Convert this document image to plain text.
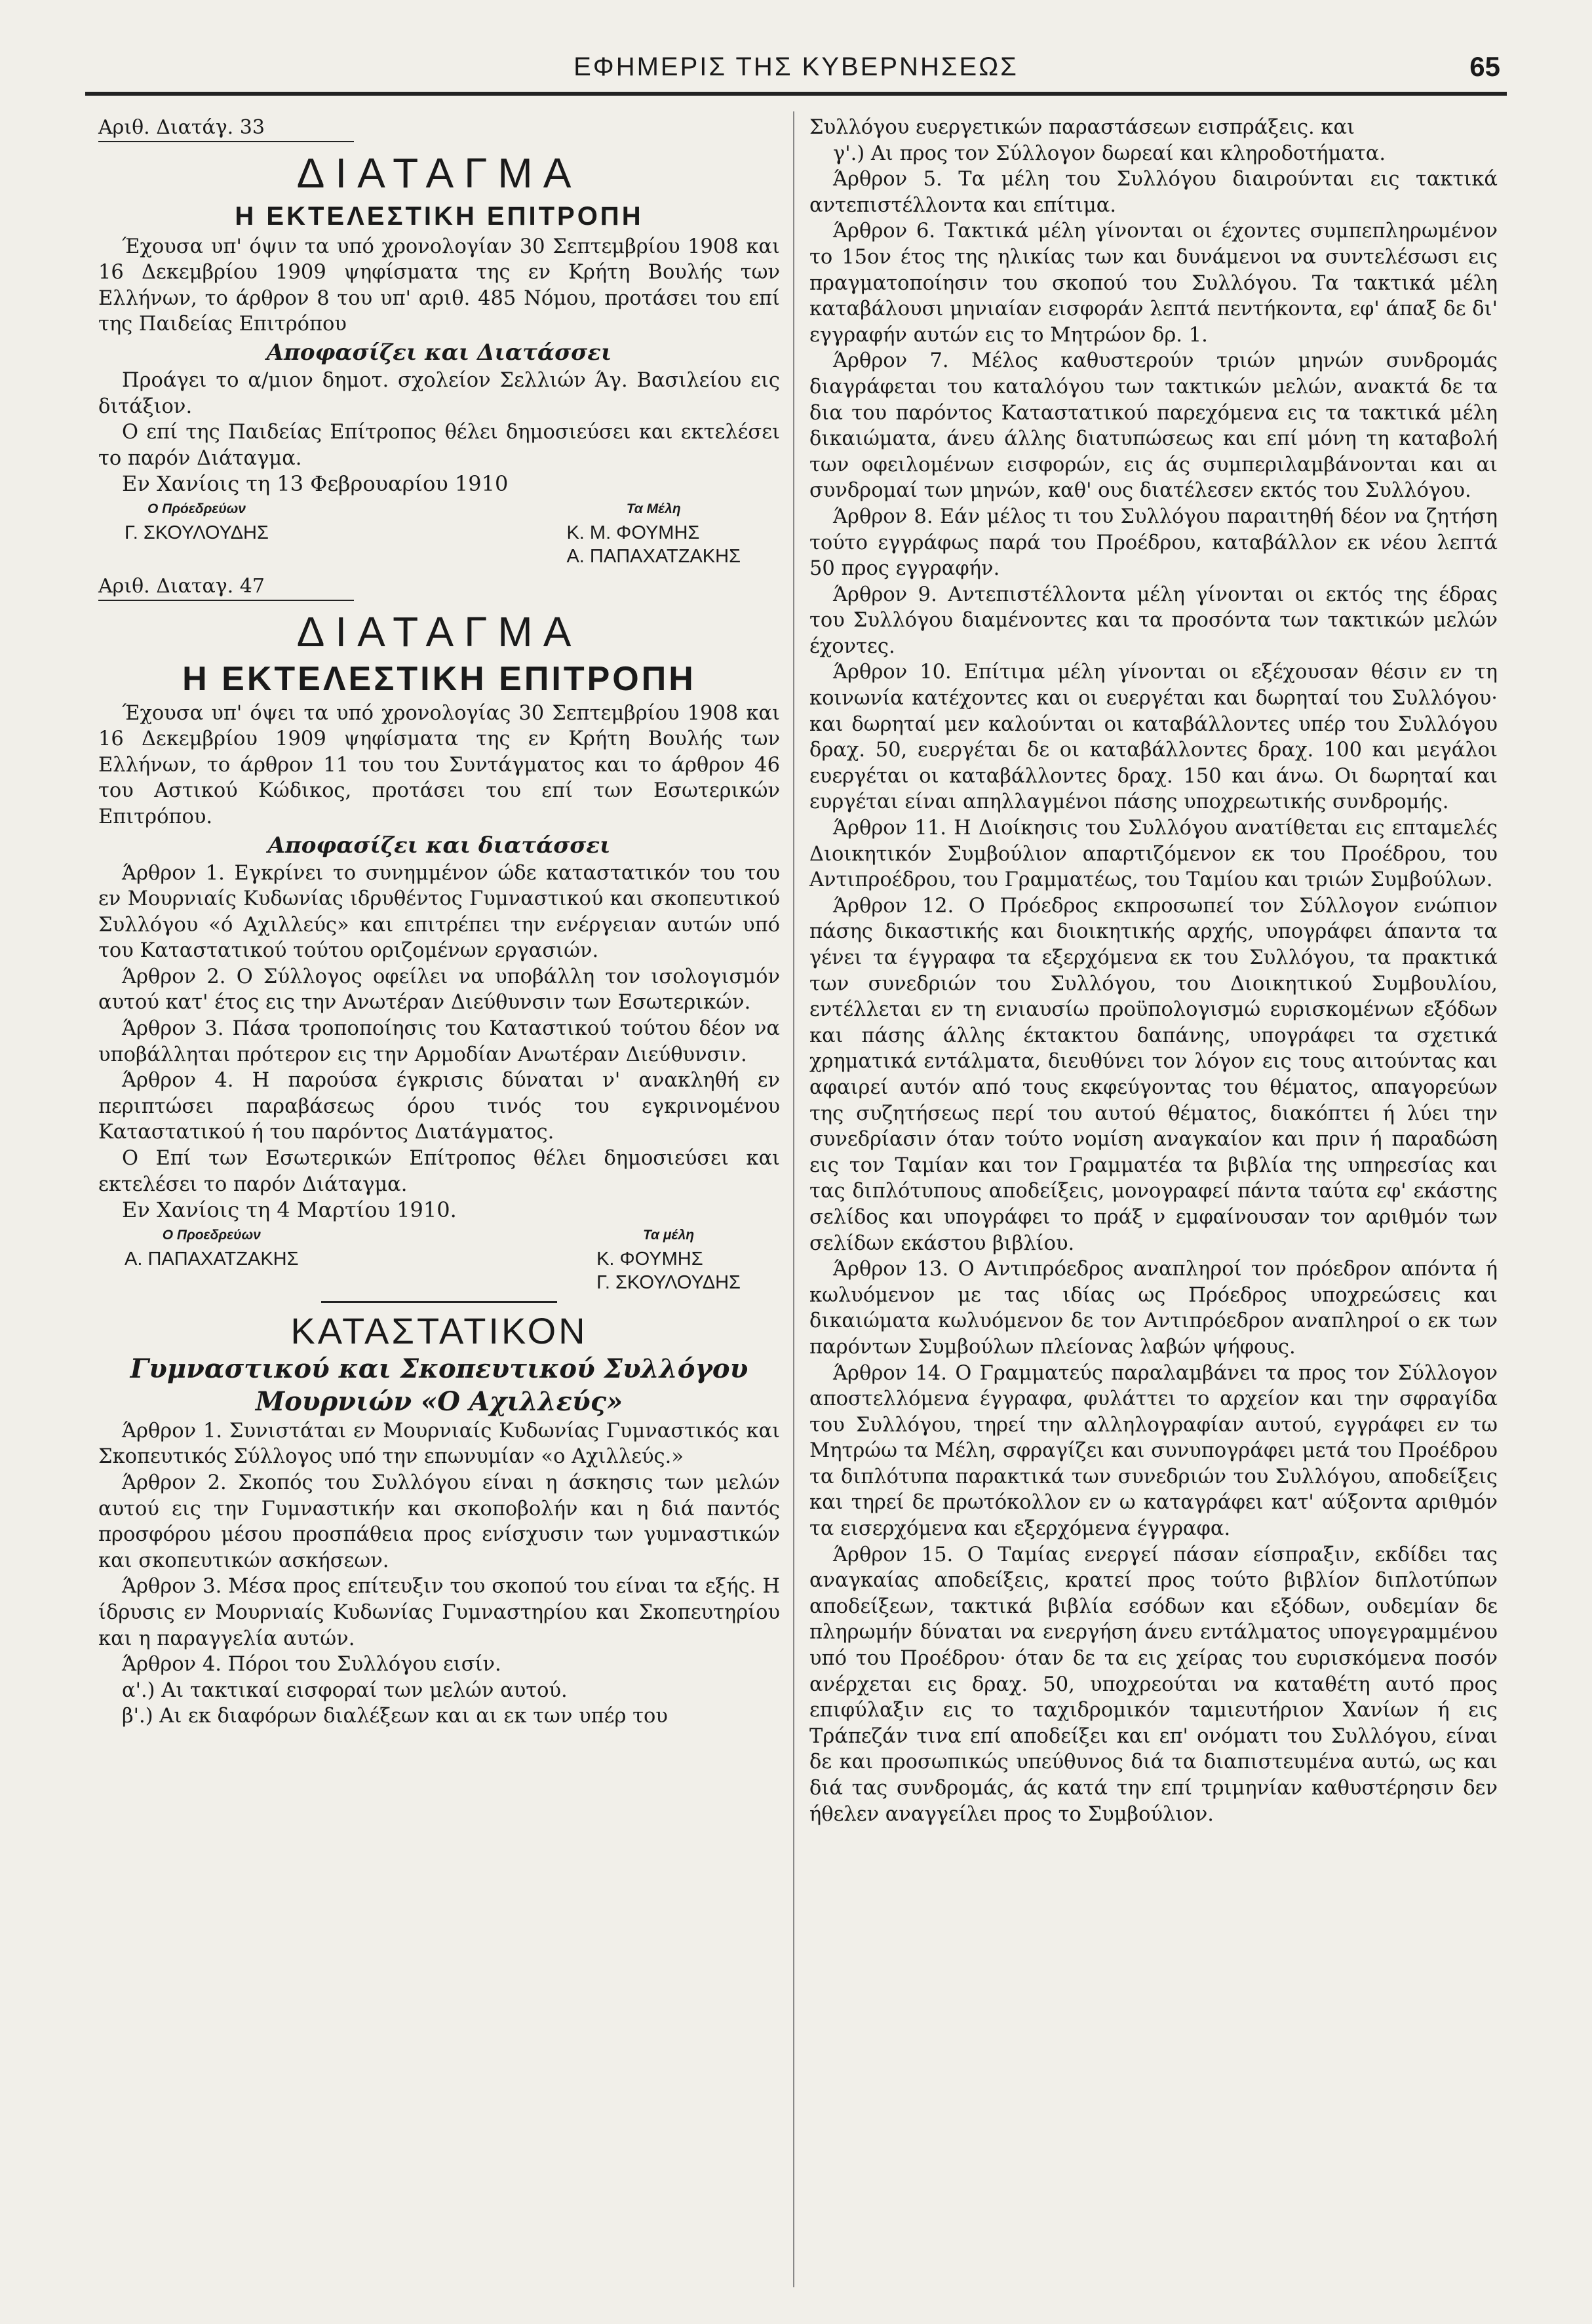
ΕΦΗΜΕΡΙΣ ΤΗΣ ΚΥΒΕΡΝΗΣΕΩΣ	65
Αριθ. Διατάγ. 33
ΔΙΑΤΑΓΜΑ
Η ΕΚΤΕΛΕΣΤΙΚΗ ΕΠΙΤΡΟΠΗ

Έχουσα υπ' όψιν τα υπό χρονολογίαν 30 Σεπτεμβρίου 1908 και 16 Δεκεμβρίου 1909 ψηφίσματα της εν Κρήτη Βουλής των Ελλήνων, το άρθρον 8 του υπ' αριθ. 485 Νόμου, προτάσει του επί της Παιδείας Επιτρόπου

Αποφασίζει και Διατάσσει

Προάγει το α/μιον δημοτ. σχολείον Σελλιών Άγ. Βασιλείου εις διτάξιον.

Ο επί της Παιδείας Επίτροπος θέλει δημοσιεύσει και εκτελέσει το παρόν Διάταγμα.

Εν Χανίοις τη 13 Φεβρουαρίου 1910

Ο Πρόεδρεύων
Γ. ΣΚΟΥΛΟΥΔΗΣ
Τα Μέλη
Κ. Μ. ΦΟΥΜΗΣ
Α. ΠΑΠΑΧΑΤΖΑΚΗΣ
Αριθ. Διαταγ. 47
ΔΙΑΤΑΓΜΑ
Η ΕΚΤΕΛΕΣΤΙΚΗ ΕΠΙΤΡΟΠΗ

Έχουσα υπ' όψει τα υπό χρονολογίας 30 Σεπτεμβρίου 1908 και 16 Δεκεμβρίου 1909 ψηφίσματα της εν Κρήτη Βουλής των Ελλήνων, το άρθρον 11 του του Συντάγματος και το άρθρον 46 του Αστικού Κώδικος, προτάσει του επί των Εσωτερικών Επιτρόπου.

Αποφασίζει και διατάσσει

Άρθρον 1. Εγκρίνει το συνημμένον ώδε καταστατικόν του του εν Μουρνιαίς Κυδωνίας ιδρυθέντος Γυμναστικού και σκοπευτικού Συλλόγου «ό Αχιλλεύς» και επιτρέπει την ενέργειαν αυτών υπό του Καταστατικού τούτου οριζομένων εργασιών.

Άρθρον 2. Ο Σύλλογος οφείλει να υποβάλλη τον ισολογισμόν αυτού κατ' έτος εις την Ανωτέραν Διεύθυνσιν των Εσωτερικών.

Άρθρον 3. Πάσα τροποποίησις του Καταστικού τούτου δέον να υποβάλληται πρότερον εις την Αρμοδίαν Ανωτέραν Διεύθυνσιν.

Άρθρον 4. Η παρούσα έγκρισις δύναται ν' ανακληθή εν περιπτώσει παραβάσεως όρου τινός του εγκρινομένου Καταστατικού ή του παρόντος Διατάγματος.

Ο Επί των Εσωτερικών Επίτροπος θέλει δημοσιεύσει και εκτελέσει το παρόν Διάταγμα.

Εν Χανίοις τη 4 Μαρτίου 1910.

Ο Προεδρεύων
Α. ΠΑΠΑΧΑΤΖΑΚΗΣ
Τα μέλη
Κ. ΦΟΥΜΗΣ
Γ. ΣΚΟΥΛΟΥΔΗΣ
ΚΑΤΑΣΤΑΤΙΚΟΝ
Γυμναστικού και Σκοπευτικού Συλλόγου
Μουρνιών «Ο Αχιλλεύς»

Άρθρον 1. Συνιστάται εν Μουρνιαίς Κυδωνίας Γυμναστικός και Σκοπευτικός Σύλλογος υπό την επωνυμίαν «ο Αχιλλεύς.»

Άρθρον 2. Σκοπός του Συλλόγου είναι η άσκησις των μελών αυτού εις την Γυμναστικήν και σκοποβολήν και η διά παντός προσφόρου μέσου προσπάθεια προς ενίσχυσιν των γυμναστικών και σκοπευτικών ασκήσεων.

Άρθρον 3. Μέσα προς επίτευξιν του σκοπού του είναι τα εξής. Η ίδρυσις εν Μουρνιαίς Κυδωνίας Γυμναστηρίου και Σκοπευτηρίου και η παραγγελία αυτών.

Άρθρον 4. Πόροι του Συλλόγου εισίν.

α'.) Αι τακτικαί εισφοραί των μελών αυτού.

β'.) Αι εκ διαφόρων διαλέξεων και αι εκ των υπέρ του

Συλλόγου ευεργετικών παραστάσεων εισπράξεις. και

γ'.) Αι προς τον Σύλλογον δωρεαί και κληροδοτήματα.

Άρθρον 5. Τα μέλη του Συλλόγου διαιρούνται εις τακτικά αντεπιστέλλοντα και επίτιμα.

Άρθρον 6. Τακτικά μέλη γίνονται οι έχοντες συμπεπληρωμένον το 15ον έτος της ηλικίας των και δυνάμενοι να συντελέσωσι εις πραγματοποίησιν του σκοπού του Συλλόγου. Τα τακτικά μέλη καταβάλουσι μηνιαίαν εισφοράν λεπτά πεντήκοντα, εφ' άπαξ δε δι' εγγραφήν αυτών εις το Μητρώον δρ. 1.

Άρθρον 7. Μέλος καθυστερούν τριών μηνών συνδρομάς διαγράφεται του καταλόγου των τακτικών μελών, ανακτά δε τα δια του παρόντος Καταστατικού παρεχόμενα εις τα τακτικά μέλη δικαιώματα, άνευ άλλης διατυπώσεως και επί μόνη τη καταβολή των οφειλομένων εισφορών, εις άς συμπεριλαμβάνονται και αι συνδρομαί των μηνών, καθ' ους διατέλεσεν εκτός του Συλλόγου.

Άρθρον 8. Εάν μέλος τι του Συλλόγου παραιτηθή δέον να ζητήση τούτο εγγράφως παρά του Προέδρου, καταβάλλον εκ νέου λεπτά 50 προς εγγραφήν.

Άρθρον 9. Αντεπιστέλλοντα μέλη γίνονται οι εκτός της έδρας του Συλλόγου διαμένοντες και τα προσόντα των τακτικών μελών έχοντες.

Άρθρον 10. Επίτιμα μέλη γίνονται οι εξέχουσαν θέσιν εν τη κοινωνία κατέχοντες και οι ευεργέται και δωρηταί του Συλλόγου· και δωρηταί μεν καλούνται οι καταβάλλοντες υπέρ του Συλλόγου δραχ. 50, ευεργέται δε οι καταβάλλοντες δραχ. 100 και μεγάλοι ευεργέται οι καταβάλλοντες δραχ. 150 και άνω. Οι δωρηταί και ευργέται είναι απηλλαγμένοι πάσης υποχρεωτικής συνδρομής.

Άρθρον 11. Η Διοίκησις του Συλλόγου ανατίθεται εις επταμελές Διοικητικόν Συμβούλιον απαρτιζόμενον εκ του Προέδρου, του Αντιπροέδρου, του Γραμματέως, του Ταμίου και τριών Συμβούλων.

Άρθρον 12. Ο Πρόεδρος εκπροσωπεί τον Σύλλογον ενώπιον πάσης δικαστικής και διοικητικής αρχής, υπογράφει άπαντα τα γένει τα έγγραφα τα εξερχόμενα εκ του Συλλόγου, τα πρακτικά των συνεδριών του Συλλόγου, του Διοικητικού Συμβουλίου, εντέλλεται εν τη ενιαυσίω προϋπολογισμώ ευρισκομένων εξόδων και πάσης άλλης έκτακτου δαπάνης, υπογράφει τα σχετικά χρηματικά εντάλματα, διευθύνει τον λόγον εις τους αιτούντας και αφαιρεί αυτόν από τους εκφεύγοντας του θέματος, απαγορεύων της συζητήσεως περί του αυτού θέματος, διακόπτει ή λύει την συνεδρίασιν όταν τούτο νομίση αναγκαίον και πριν ή παραδώση εις τον Ταμίαν και τον Γραμματέα τα βιβλία της υπηρεσίας και τας διπλότυπους αποδείξεις, μονογραφεί πάντα ταύτα εφ' εκάστης σελίδος και υπογράφει το πράξ ν εμφαίνουσαν τον αριθμόν των σελίδων εκάστου βιβλίου.

Άρθρον 13. Ο Αντιπρόεδρος αναπληροί τον πρόεδρον απόντα ή κωλυόμενον με τας ιδίας ως Πρόεδρος υποχρεώσεις και δικαιώματα κωλυόμενον δε τον Αντιπρόεδρον αναπληροί ο εκ των παρόντων Συμβούλων πλείονας λαβών ψήφους.

Άρθρον 14. Ο Γραμματεύς παραλαμβάνει τα προς τον Σύλλογον αποστελλόμενα έγγραφα, φυλάττει το αρχείον και την σφραγίδα του Συλλόγου, τηρεί την αλληλογραφίαν αυτού, εγγράφει εν τω Μητρώω τα Μέλη, σφραγίζει και συνυπογράφει μετά του Προέδρου τα διπλότυπα παρακτικά των συνεδριών του Συλλόγου, αποδείξεις και τηρεί δε πρωτόκολλον εν ω καταγράφει κατ' αύξοντα αριθμόν τα εισερχόμενα και εξερχόμενα έγγραφα.

Άρθρον 15. Ο Ταμίας ενεργεί πάσαν είσπραξιν, εκδίδει τας αναγκαίας αποδείξεις, κρατεί προς τούτο βιβλίον διπλοτύπων αποδείξεων, τακτικά βιβλία εσόδων και εξόδων, ουδεμίαν δε πληρωμήν δύναται να ενεργήση άνευ εντάλματος υπογεγραμμένου υπό του Προέδρου· όταν δε τα εις χείρας του ευρισκόμενα ποσόν ανέρχεται εις δραχ. 50, υποχρεούται να καταθέτη αυτό προς επιφύλαξιν εις το ταχιδρομικόν ταμιευτήριον Χανίων ή εις Τράπεζάν τινα επί αποδείξει και επ' ονόματι του Συλλόγου, είναι δε και προσωπικώς υπεύθυνος διά τα διαπιστευμένα αυτώ, ως και διά τας συνδρομάς, άς κατά την επί τριμηνίαν καθυστέρησιν δεν ήθελεν αναγγείλει προς το Συμβούλιον.
